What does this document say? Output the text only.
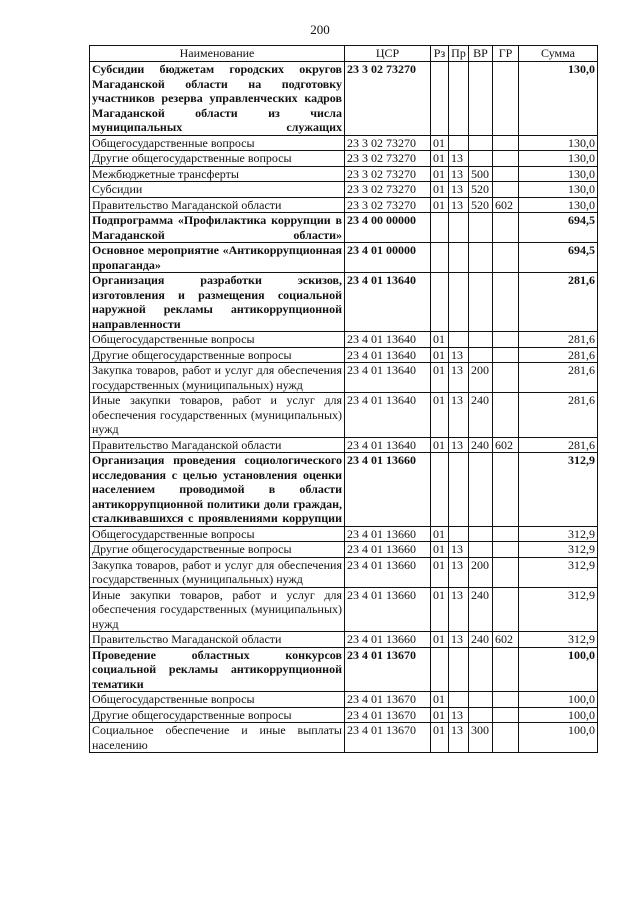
200
Наименование	ЦСР	Рз	Пр	ВР	ГР	Сумма
Субсидии бюджетам городских округов Магаданской области на подготовку участников резерва управленческих кадров Магаданской области из числа муниципальных служащих	23 3 02 73270					130,0
Общегосударственные вопросы	23 3 02 73270	01				130,0
Другие общегосударственные вопросы	23 3 02 73270	01	13			130,0
Межбюджетные трансферты	23 3 02 73270	01	13	500		130,0
Субсидии	23 3 02 73270	01	13	520		130,0
Правительство Магаданской области	23 3 02 73270	01	13	520	602	130,0
Подпрограмма «Профилактика коррупции в Магаданской области»	23 4 00 00000					694,5
Основное мероприятие «Антикоррупционная пропаганда»	23 4 01 00000					694,5
Организация разработки эскизов, изготовления и размещения социальной наружной рекламы антикоррупционной направленности	23 4 01 13640					281,6
Общегосударственные вопросы	23 4 01 13640	01				281,6
Другие общегосударственные вопросы	23 4 01 13640	01	13			281,6
Закупка товаров, работ и услуг для обеспечения государственных (муниципальных) нужд	23 4 01 13640	01	13	200		281,6
Иные закупки товаров, работ и услуг для обеспечения государственных (муниципальных) нужд	23 4 01 13640	01	13	240		281,6
Правительство Магаданской области	23 4 01 13640	01	13	240	602	281,6
Организация проведения социологического исследования с целью установления оценки населением проводимой в области антикоррупционной политики доли граждан, сталкивавшихся с проявлениями коррупции	23 4 01 13660					312,9
Общегосударственные вопросы	23 4 01 13660	01				312,9
Другие общегосударственные вопросы	23 4 01 13660	01	13			312,9
Закупка товаров, работ и услуг для обеспечения государственных (муниципальных) нужд	23 4 01 13660	01	13	200		312,9
Иные закупки товаров, работ и услуг для обеспечения государственных (муниципальных) нужд	23 4 01 13660	01	13	240		312,9
Правительство Магаданской области	23 4 01 13660	01	13	240	602	312,9
Проведение областных конкурсов социальной рекламы антикоррупционной тематики	23 4 01 13670					100,0
Общегосударственные вопросы	23 4 01 13670	01				100,0
Другие общегосударственные вопросы	23 4 01 13670	01	13			100,0
Социальное обеспечение и иные выплаты населению	23 4 01 13670	01	13	300		100,0
